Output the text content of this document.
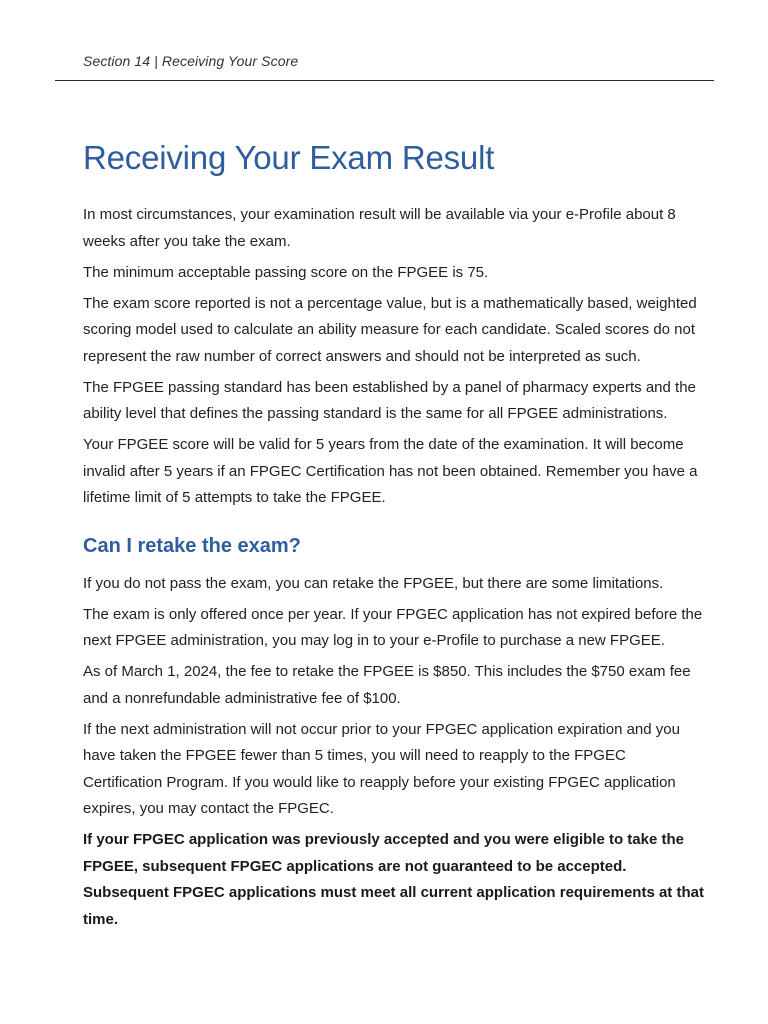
Section 14 | Receiving Your Score
Receiving Your Exam Result

In most circumstances, your examination result will be available via your e-Profile about 8 weeks after you take the exam.

The minimum acceptable passing score on the FPGEE is 75.

The exam score reported is not a percentage value, but is a mathematically based, weighted scoring model used to calculate an ability measure for each candidate. Scaled scores do not represent the raw number of correct answers and should not be interpreted as such.

The FPGEE passing standard has been established by a panel of pharmacy experts and the ability level that defines the passing standard is the same for all FPGEE administrations.

Your FPGEE score will be valid for 5 years from the date of the examination. It will become invalid after 5 years if an FPGEC Certification has not been obtained. Remember you have a lifetime limit of 5 attempts to take the FPGEE.

Can I retake the exam?

If you do not pass the exam, you can retake the FPGEE, but there are some limitations.

The exam is only offered once per year. If your FPGEC application has not expired before the next FPGEE administration, you may log in to your e-Profile to purchase a new FPGEE.

As of March 1, 2024, the fee to retake the FPGEE is $850. This includes the $750 exam fee and a nonrefundable administrative fee of $100.

If the next administration will not occur prior to your FPGEC application expiration and you have taken the FPGEE fewer than 5 times, you will need to reapply to the FPGEC Certification Program. If you would like to reapply before your existing FPGEC application expires, you may contact the FPGEC.

If your FPGEC application was previously accepted and you were eligible to take the FPGEE, subsequent FPGEC applications are not guaranteed to be accepted. Subsequent FPGEC applications must meet all current application requirements at that time.
